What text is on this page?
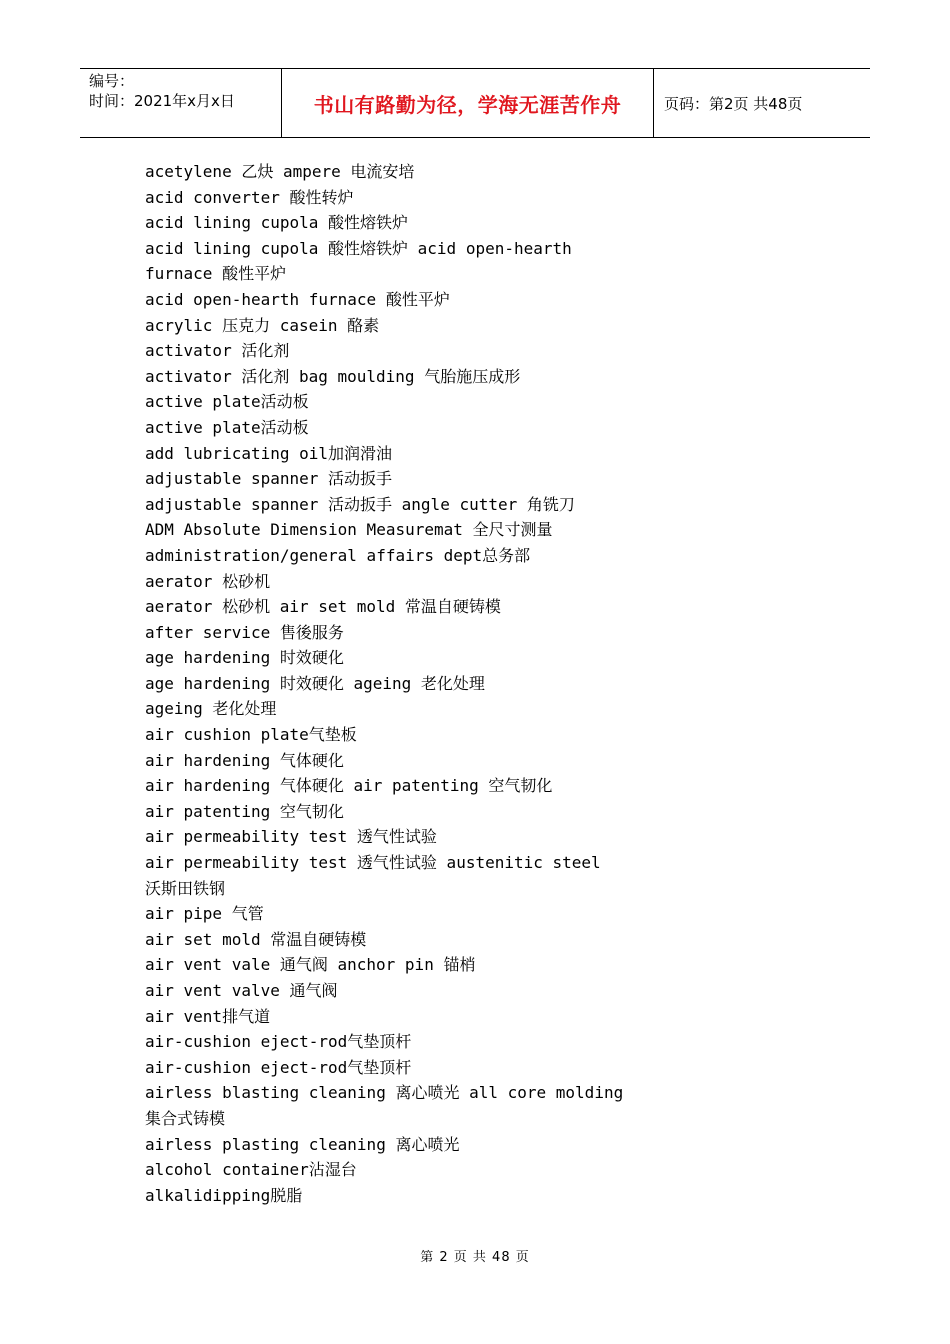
编号：
时间：2021年x月x日	书山有路勤为径，学海无涯苦作舟	页码：第2页 共48页
acetylene 乙炔 ampere 电流安培
acid converter 酸性转炉
acid lining cupola 酸性熔铁炉
acid lining cupola 酸性熔铁炉 acid open-hearth
furnace 酸性平炉
acid open-hearth furnace 酸性平炉
acrylic 压克力 casein 酪素
activator 活化剂
activator 活化剂 bag moulding 气胎施压成形
active plate活动板
active plate活动板
add lubricating oil加润滑油
adjustable spanner 活动扳手
adjustable spanner 活动扳手 angle cutter 角铣刀
ADM Absolute Dimension Measuremat 全尺寸测量
administration/general affairs dept总务部
aerator 松砂机
aerator 松砂机 air set mold 常温自硬铸模
after service 售後服务
age hardening 时效硬化
age hardening 时效硬化 ageing 老化处理
ageing 老化处理
air cushion plate气垫板
air hardening 气体硬化
air hardening 气体硬化 air patenting 空气韧化
air patenting 空气韧化
air permeability test 透气性试验
air permeability test 透气性试验 austenitic steel
沃斯田铁钢
air pipe 气管
air set mold 常温自硬铸模
air vent vale 通气阀 anchor pin 锚梢
air vent valve 通气阀
air vent排气道
air-cushion eject-rod气垫顶杆
air-cushion eject-rod气垫顶杆
airless blasting cleaning 离心喷光 all core molding
集合式铸模
airless plasting cleaning 离心喷光
alcohol container沾湿台
alkalidipping脱脂
第 2 页 共 48 页
